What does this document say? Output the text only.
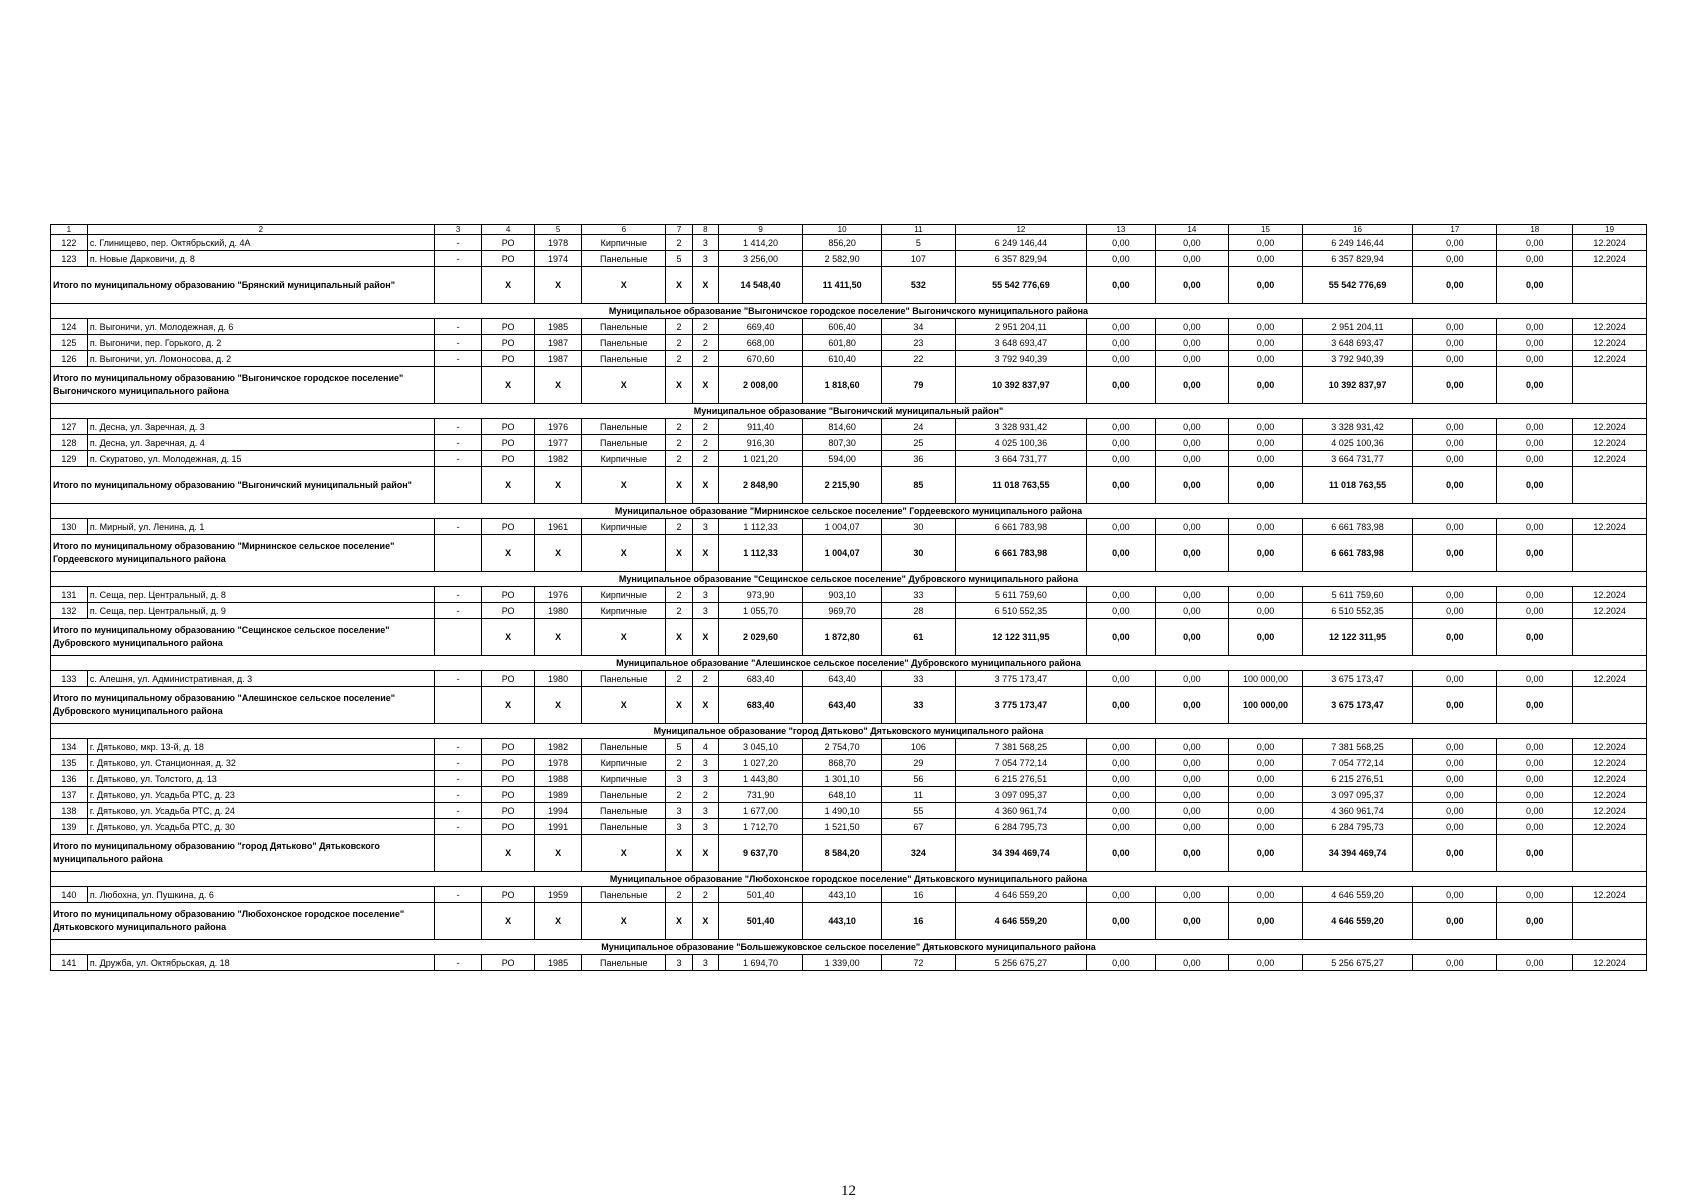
1	2	3	4	5	6	7	8	9	10	11	12	13	14	15	16	17	18	19
122	с. Глинищево, пер. Октябрьский, д. 4А	-	РО	1978	Кирпичные	2	3	1 414,20	856,20	5	6 249 146,44	0,00	0,00	0,00	6 249 146,44	0,00	0,00	12.2024
123	п. Новые Дарковичи, д. 8	-	РО	1974	Панельные	5	3	3 256,00	2 582,90	107	6 357 829,94	0,00	0,00	0,00	6 357 829,94	0,00	0,00	12.2024
Итого по муниципальному образованию "Брянский муниципальный район"			X	X	X	X	X	14 548,40	11 411,50	532	55 542 776,69	0,00	0,00	0,00	55 542 776,69	0,00	0,00	
Муниципальное образование "Выгоничское городское поселение" Выгоничского муниципального района																		
124	п. Выгоничи, ул. Молодежная, д. 6	-	РО	1985	Панельные	2	2	669,40	606,40	34	2 951 204,11	0,00	0,00	0,00	2 951 204,11	0,00	0,00	12.2024
125	п. Выгоничи, пер. Горького, д. 2	-	РО	1987	Панельные	2	2	668,00	601,80	23	3 648 693,47	0,00	0,00	0,00	3 648 693,47	0,00	0,00	12.2024
126	п. Выгоничи, ул. Ломоносова, д. 2	-	РО	1987	Панельные	2	2	670,60	610,40	22	3 792 940,39	0,00	0,00	0,00	3 792 940,39	0,00	0,00	12.2024
Итого по муниципальному образованию "Выгоничское городское поселение" Выгоничского муниципального района			X	X	X	X	X	2 008,00	1 818,60	79	10 392 837,97	0,00	0,00	0,00	10 392 837,97	0,00	0,00	
Муниципальное образование "Выгоничский муниципальный район"																		
127	п. Десна, ул. Заречная, д. 3	-	РО	1976	Панельные	2	2	911,40	814,60	24	3 328 931,42	0,00	0,00	0,00	3 328 931,42	0,00	0,00	12.2024
128	п. Десна, ул. Заречная, д. 4	-	РО	1977	Панельные	2	2	916,30	807,30	25	4 025 100,36	0,00	0,00	0,00	4 025 100,36	0,00	0,00	12.2024
129	п. Скуратово, ул. Молодежная, д. 15	-	РО	1982	Кирпичные	2	2	1 021,20	594,00	36	3 664 731,77	0,00	0,00	0,00	3 664 731,77	0,00	0,00	12.2024
Итого по муниципальному образованию "Выгоничский муниципальный район"			X	X	X	X	X	2 848,90	2 215,90	85	11 018 763,55	0,00	0,00	0,00	11 018 763,55	0,00	0,00	
Муниципальное образование "Мирнинское сельское поселение" Гордеевского муниципального района																		
130	п. Мирный, ул. Ленина, д. 1	-	РО	1961	Кирпичные	2	3	1 112,33	1 004,07	30	6 661 783,98	0,00	0,00	0,00	6 661 783,98	0,00	0,00	12.2024
Итого по муниципальному образованию "Мирнинское сельское поселение" Гордеевского муниципального района			X	X	X	X	X	1 112,33	1 004,07	30	6 661 783,98	0,00	0,00	0,00	6 661 783,98	0,00	0,00	
Муниципальное образование "Сещинское сельское поселение" Дубровского муниципального района																		
131	п. Сеща, пер. Центральный, д. 8	-	РО	1976	Кирпичные	2	3	973,90	903,10	33	5 611 759,60	0,00	0,00	0,00	5 611 759,60	0,00	0,00	12.2024
132	п. Сеща, пер. Центральный, д. 9	-	РО	1980	Кирпичные	2	3	1 055,70	969,70	28	6 510 552,35	0,00	0,00	0,00	6 510 552,35	0,00	0,00	12.2024
Итого по муниципальному образованию "Сещинское сельское поселение" Дубровского муниципального района			X	X	X	X	X	2 029,60	1 872,80	61	12 122 311,95	0,00	0,00	0,00	12 122 311,95	0,00	0,00	
Муниципальное образование "Алешинское сельское поселение" Дубровского муниципального района																		
133	с. Алешня, ул. Административная, д. 3	-	РО	1980	Панельные	2	2	683,40	643,40	33	3 775 173,47	0,00	0,00	100 000,00	3 675 173,47	0,00	0,00	12.2024
Итого по муниципальному образованию "Алешинское сельское поселение" Дубровского муниципального района			X	X	X	X	X	683,40	643,40	33	3 775 173,47	0,00	0,00	100 000,00	3 675 173,47	0,00	0,00	
Муниципальное образование "город Дятьково" Дятьковского муниципального района																		
134	г. Дятьково, мкр. 13-й, д. 18	-	РО	1982	Панельные	5	4	3 045,10	2 754,70	106	7 381 568,25	0,00	0,00	0,00	7 381 568,25	0,00	0,00	12.2024
135	г. Дятьково, ул. Станционная, д. 32	-	РО	1978	Кирпичные	2	3	1 027,20	868,70	29	7 054 772,14	0,00	0,00	0,00	7 054 772,14	0,00	0,00	12.2024
136	г. Дятьково, ул. Толстого, д. 13	-	РО	1988	Кирпичные	3	3	1 443,80	1 301,10	56	6 215 276,51	0,00	0,00	0,00	6 215 276,51	0,00	0,00	12.2024
137	г. Дятьково, ул. Усадьба РТС, д. 23	-	РО	1989	Панельные	2	2	731,90	648,10	11	3 097 095,37	0,00	0,00	0,00	3 097 095,37	0,00	0,00	12.2024
138	г. Дятьково, ул. Усадьба РТС, д. 24	-	РО	1994	Панельные	3	3	1 677,00	1 490,10	55	4 360 961,74	0,00	0,00	0,00	4 360 961,74	0,00	0,00	12.2024
139	г. Дятьково, ул. Усадьба РТС, д. 30	-	РО	1991	Панельные	3	3	1 712,70	1 521,50	67	6 284 795,73	0,00	0,00	0,00	6 284 795,73	0,00	0,00	12.2024
Итого по муниципальному образованию "город Дятьково" Дятьковского муниципального района			X	X	X	X	X	9 637,70	8 584,20	324	34 394 469,74	0,00	0,00	0,00	34 394 469,74	0,00	0,00	
Муниципальное образование "Любохонское городское поселение" Дятьковского муниципального района																		
140	п. Любохна, ул. Пушкина, д. 6	-	РО	1959	Панельные	2	2	501,40	443,10	16	4 646 559,20	0,00	0,00	0,00	4 646 559,20	0,00	0,00	12.2024
Итого по муниципальному образованию "Любохонское городское поселение" Дятьковского муниципального района			X	X	X	X	X	501,40	443,10	16	4 646 559,20	0,00	0,00	0,00	4 646 559,20	0,00	0,00	
Муниципальное образование "Большежуковское сельское поселение" Дятьковского муниципального района																		
141	п. Дружба, ул. Октябрьская, д. 18	-	РО	1985	Панельные	3	3	1 694,70	1 339,00	72	5 256 675,27	0,00	0,00	0,00	5 256 675,27	0,00	0,00	12.2024
12
